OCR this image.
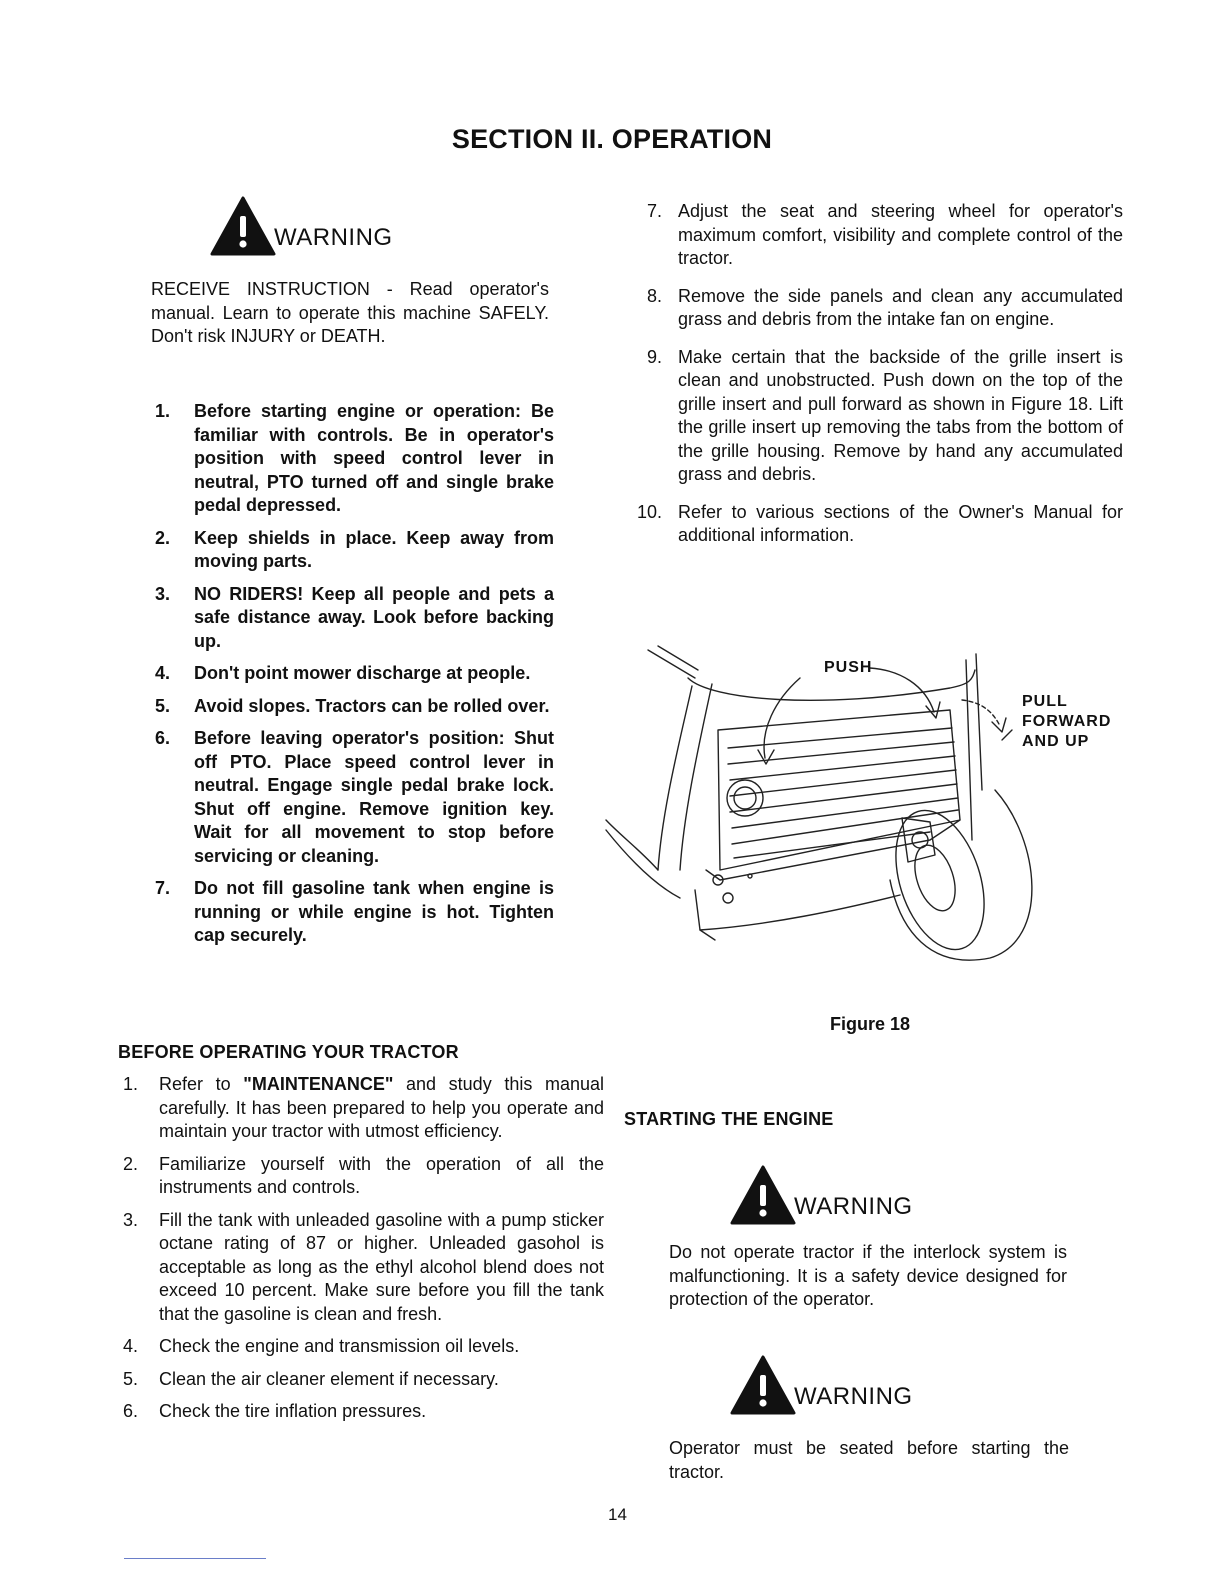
SECTION II. OPERATION
WARNING
RECEIVE INSTRUCTION - Read operator's manual. Learn to operate this machine SAFELY. Don't risk INJURY or DEATH.
1. Before starting engine or operation: Be familiar with controls. Be in operator's position with speed control lever in neutral, PTO turned off and single brake pedal depressed.
2. Keep shields in place. Keep away from moving parts.
3. NO RIDERS! Keep all people and pets a safe distance away. Look before backing up.
4. Don't point mower discharge at people.
5. Avoid slopes. Tractors can be rolled over.
6. Before leaving operator's position: Shut off PTO. Place speed control lever in neutral. Engage single pedal brake lock. Shut off engine. Remove ignition key. Wait for all movement to stop before servicing or cleaning.
7. Do not fill gasoline tank when engine is running or while engine is hot. Tighten cap securely.
BEFORE OPERATING YOUR TRACTOR
1. Refer to "MAINTENANCE" and study this manual carefully. It has been prepared to help you operate and maintain your tractor with utmost efficiency.
2. Familiarize yourself with the operation of all the instruments and controls.
3. Fill the tank with unleaded gasoline with a pump sticker octane rating of 87 or higher. Unleaded gasohol is acceptable as long as the ethyl alcohol blend does not exceed 10 percent. Make sure before you fill the tank that the gasoline is clean and fresh.
4. Check the engine and transmission oil levels.
5. Clean the air cleaner element if necessary.
6. Check the tire inflation pressures.
7. Adjust the seat and steering wheel for operator's maximum comfort, visibility and complete control of the tractor.
8. Remove the side panels and clean any accumulated grass and debris from the intake fan on engine.
9. Make certain that the backside of the grille insert is clean and unobstructed. Push down on the top of the grille insert and pull forward as shown in Figure 18. Lift the grille insert up removing the tabs from the bottom of the grille housing. Remove by hand any accumulated grass and debris.
10. Refer to various sections of the Owner's Manual for additional information.
PUSH
PULL
FORWARD
AND UP
Figure 18
STARTING THE ENGINE
WARNING
Do not operate tractor if the interlock system is malfunctioning. It is a safety device designed for protection of the operator.
WARNING
Operator must be seated before starting the tractor.
14
